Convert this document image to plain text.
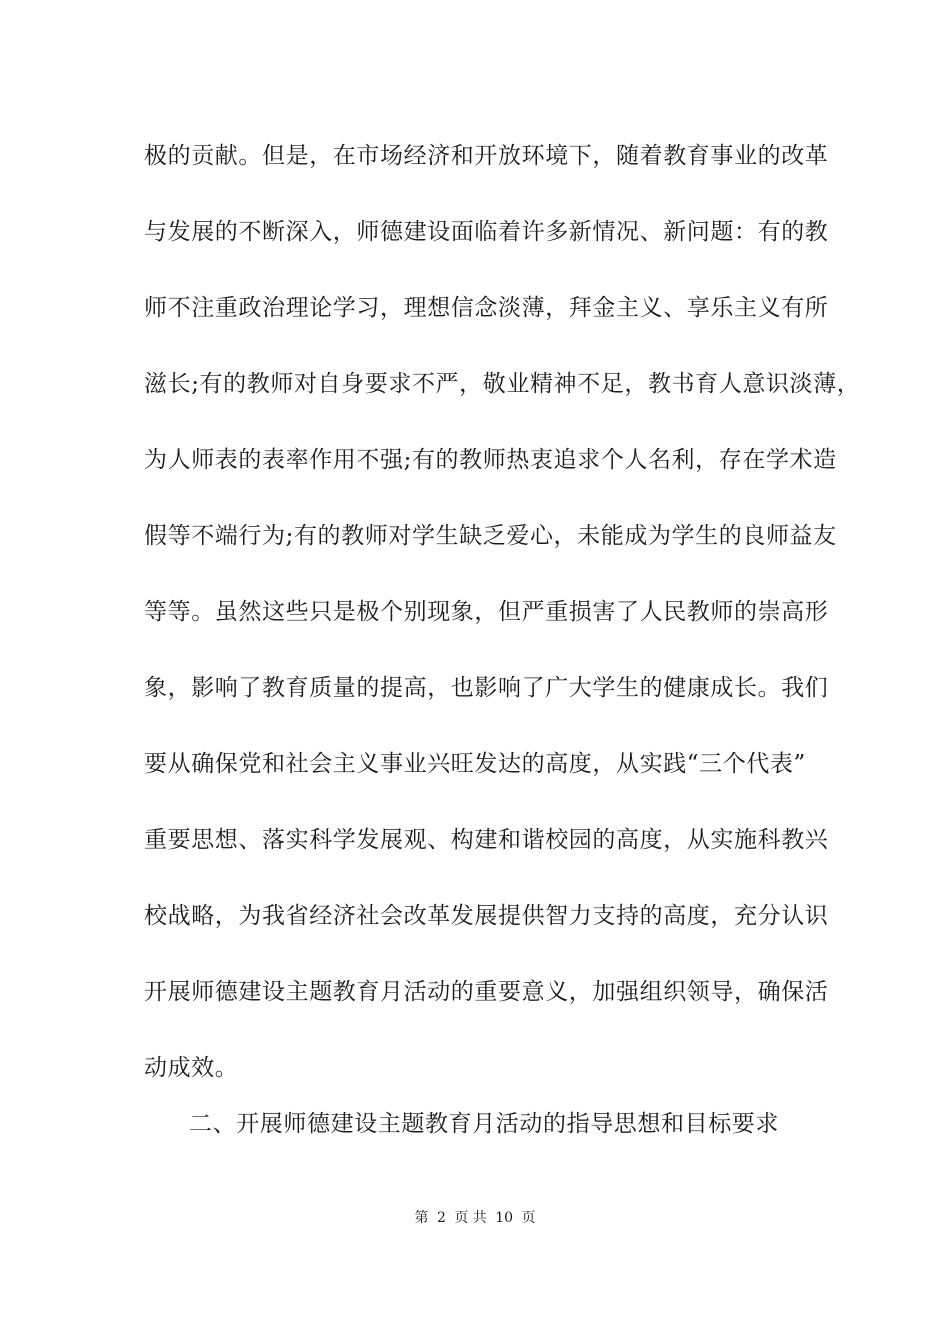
极的贡献。但是，在市场经济和开放环境下，随着教育事业的改革
与发展的不断深入，师德建设面临着许多新情况、新问题：有的教
师不注重政治理论学习，理想信念淡薄，拜金主义、享乐主义有所
滋长;有的教师对自身要求不严，敬业精神不足，教书育人意识淡薄，
为人师表的表率作用不强;有的教师热衷追求个人名利，存在学术造
假等不端行为;有的教师对学生缺乏爱心，未能成为学生的良师益友
等等。虽然这些只是极个别现象，但严重损害了人民教师的崇高形
象，影响了教育质量的提高，也影响了广大学生的健康成长。我们
要从确保党和社会主义事业兴旺发达的高度，从实践“三个代表”
重要思想、落实科学发展观、构建和谐校园的高度，从实施科教兴
校战略，为我省经济社会改革发展提供智力支持的高度，充分认识
开展师德建设主题教育月活动的重要意义，加强组织领导，确保活
动成效。
二、开展师德建设主题教育月活动的指导思想和目标要求
第 2 页 共 10 页
